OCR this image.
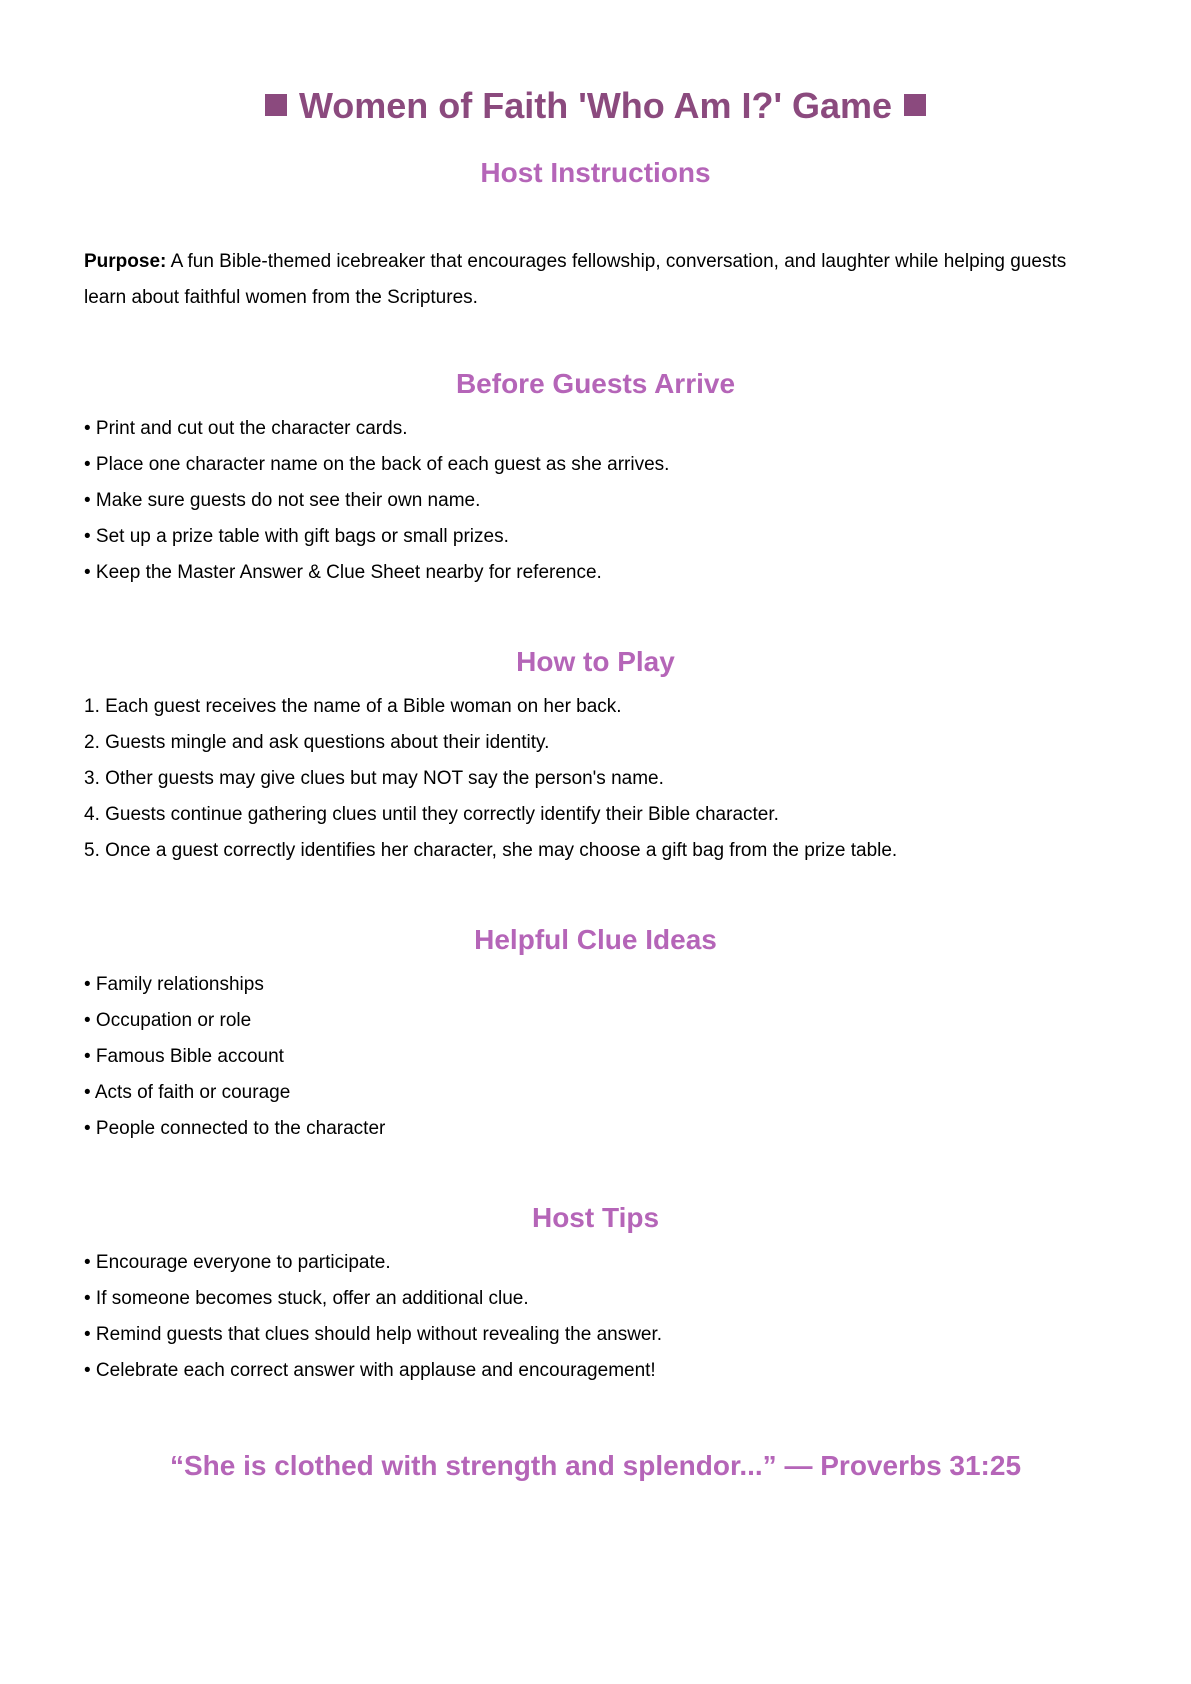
Women of Faith 'Who Am I?' Game
Host Instructions

Purpose: A fun Bible-themed icebreaker that encourages fellowship, conversation, and laughter while helping guests learn about faithful women from the Scriptures.

Before Guests Arrive
• Print and cut out the character cards.
• Place one character name on the back of each guest as she arrives.
• Make sure guests do not see their own name.
• Set up a prize table with gift bags or small prizes.
• Keep the Master Answer & Clue Sheet nearby for reference.
How to Play
1. Each guest receives the name of a Bible woman on her back.
2. Guests mingle and ask questions about their identity.
3. Other guests may give clues but may NOT say the person's name.
4. Guests continue gathering clues until they correctly identify their Bible character.
5. Once a guest correctly identifies her character, she may choose a gift bag from the prize table.
Helpful Clue Ideas
• Family relationships
• Occupation or role
• Famous Bible account
• Acts of faith or courage
• People connected to the character
Host Tips
• Encourage everyone to participate.
• If someone becomes stuck, offer an additional clue.
• Remind guests that clues should help without revealing the answer.
• Celebrate each correct answer with applause and encouragement!

“She is clothed with strength and splendor...” — Proverbs 31:25
